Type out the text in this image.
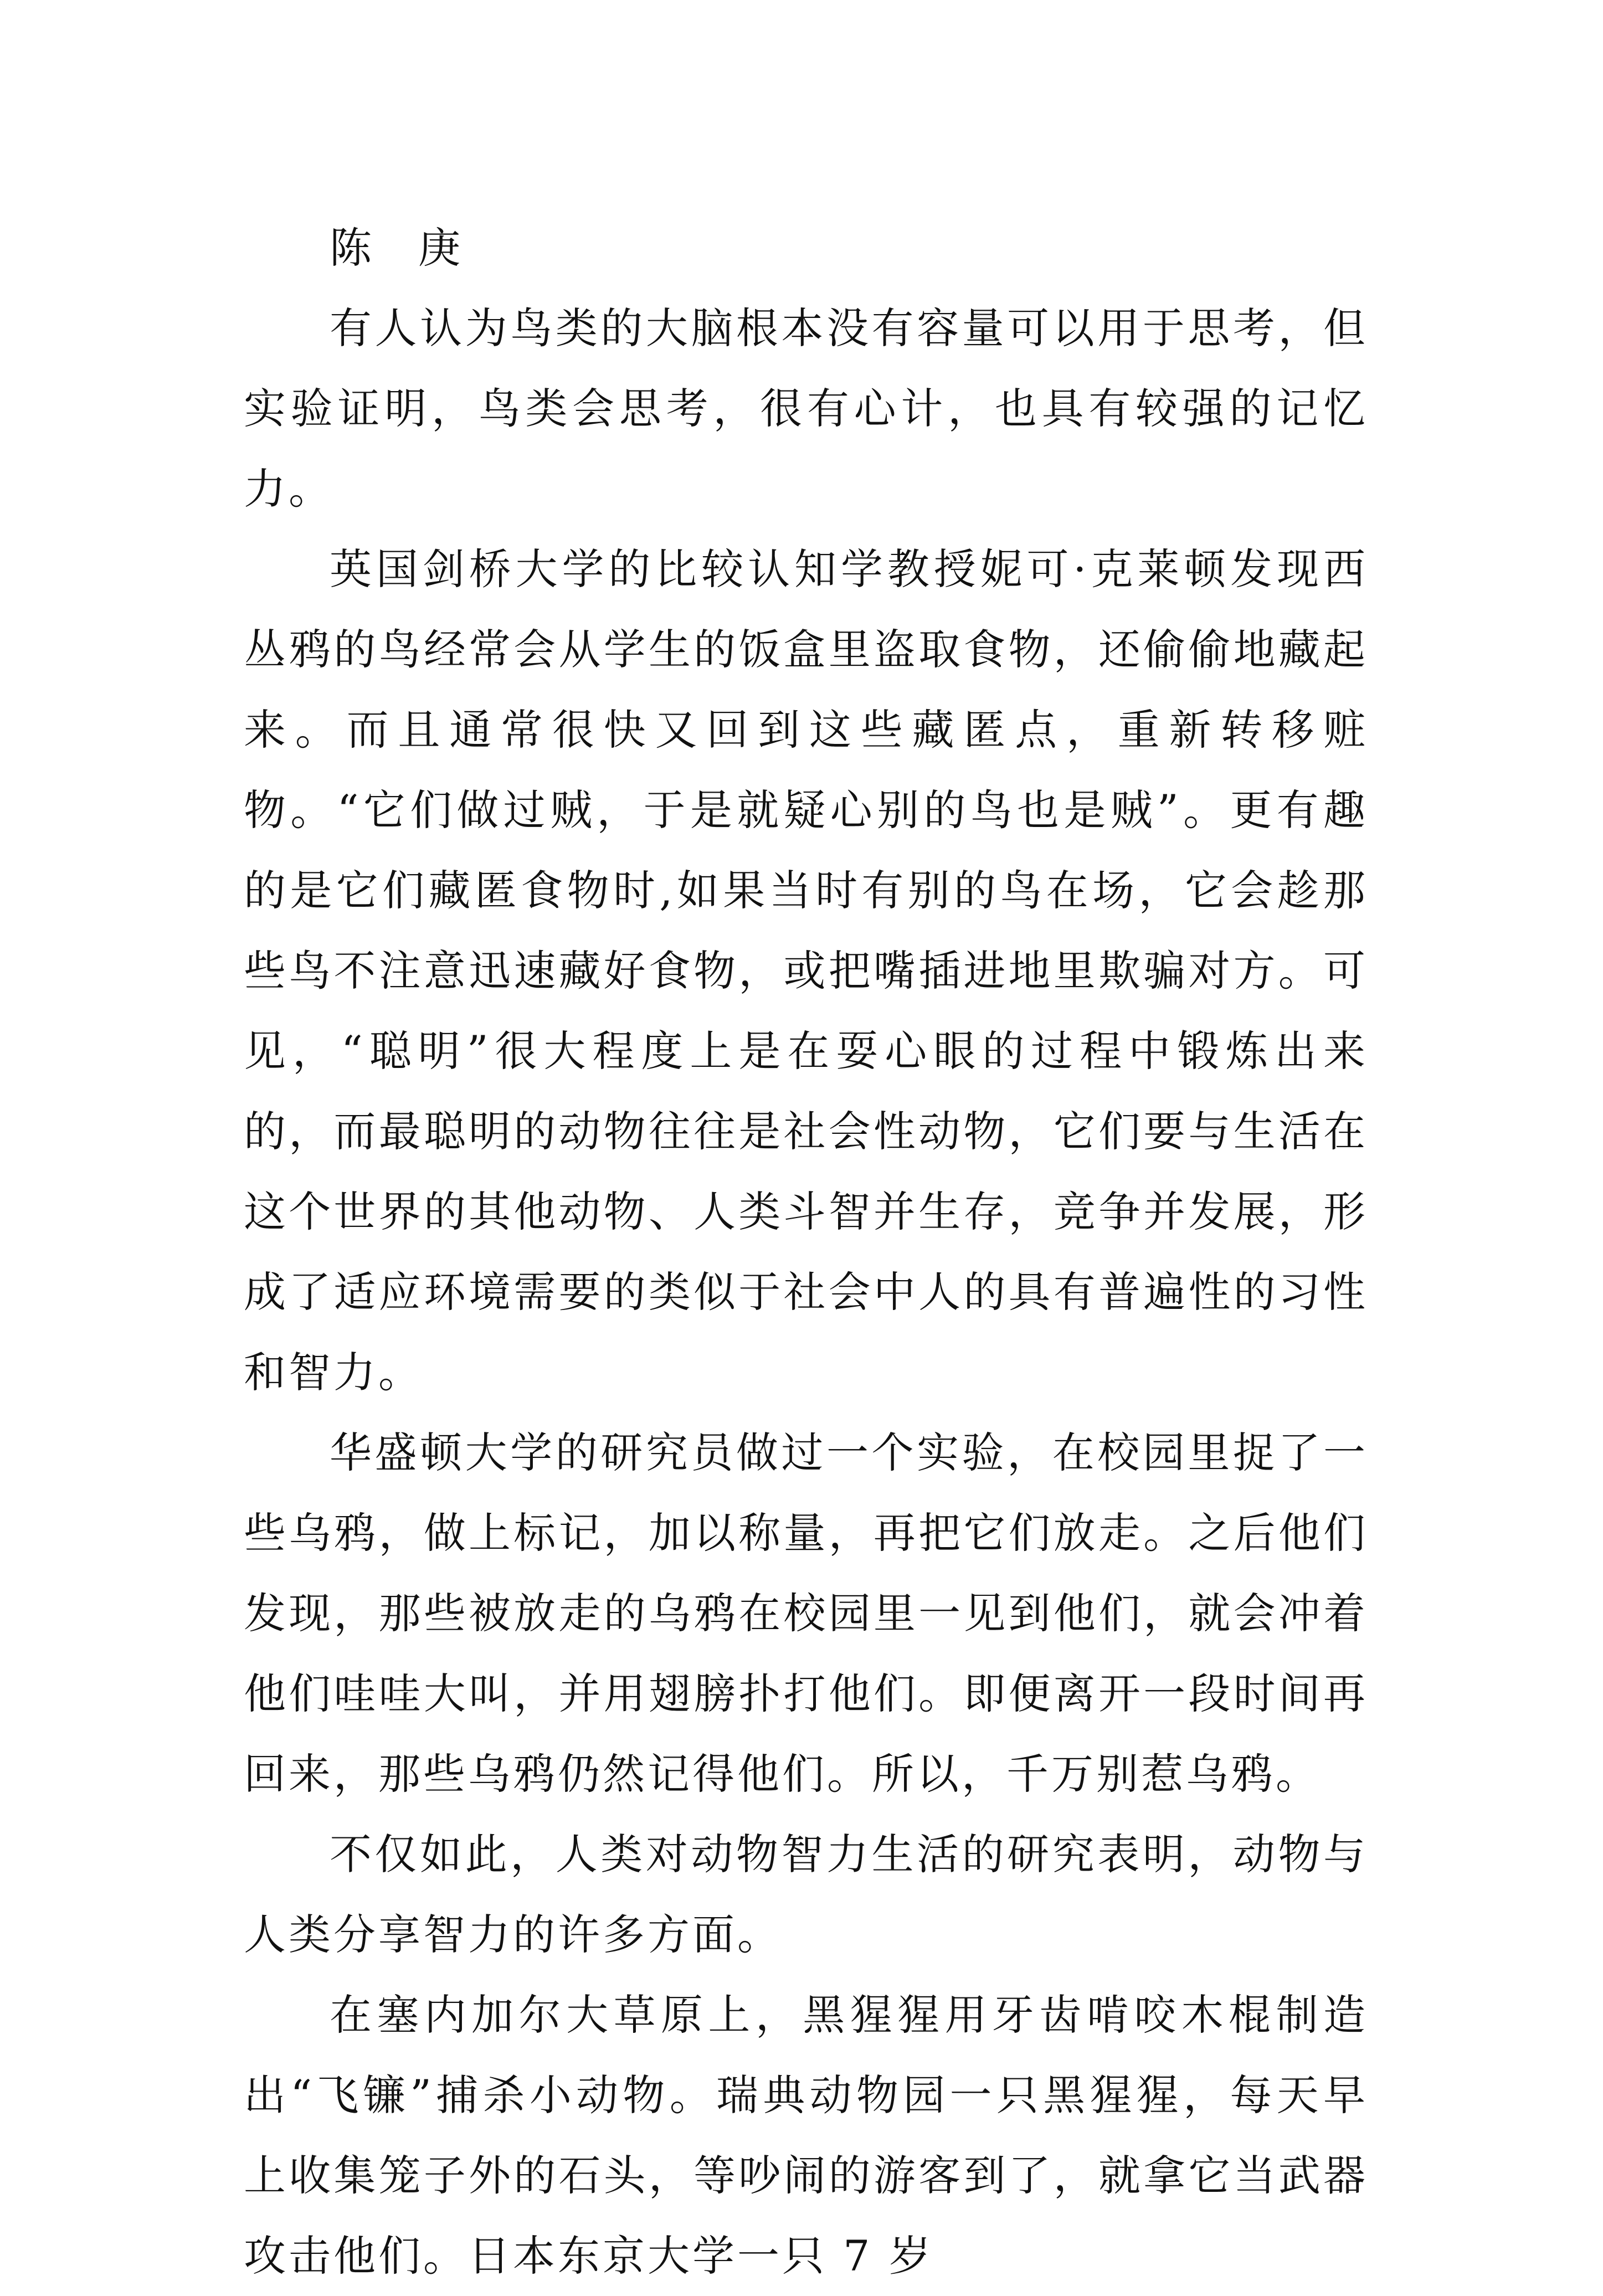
陈 庚

有人认为鸟类的大脑根本没有容量可以用于思考，但实验证明，鸟类会思考，很有心计，也具有较强的记忆力。

英国剑桥大学的比较认知学教授妮可·克莱顿发现西丛鸦的鸟经常会从学生的饭盒里盗取食物，还偷偷地藏起来。而且通常很快又回到这些藏匿点，重新转移赃物。“它们做过贼，于是就疑心别的鸟也是贼”。更有趣的是它们藏匿食物时,如果当时有别的鸟在场，它会趁那些鸟不注意迅速藏好食物，或把嘴插进地里欺骗对方。可见，“聪明”很大程度上是在耍心眼的过程中锻炼出来的，而最聪明的动物往往是社会性动物，它们要与生活在这个世界的其他动物、人类斗智并生存，竞争并发展，形成了适应环境需要的类似于社会中人的具有普遍性的习性和智力。

华盛顿大学的研究员做过一个实验，在校园里捉了一些乌鸦，做上标记，加以称量，再把它们放走。之后他们发现，那些被放走的乌鸦在校园里一见到他们，就会冲着他们哇哇大叫，并用翅膀扑打他们。即便离开一段时间再回来，那些乌鸦仍然记得他们。所以，千万别惹乌鸦。

不仅如此，人类对动物智力生活的研究表明，动物与人类分享智力的许多方面。

在塞内加尔大草原上，黑猩猩用牙齿啃咬木棍制造出“飞镰”捕杀小动物。瑞典动物园一只黑猩猩，每天早上收集笼子外的石头，等吵闹的游客到了，就拿它当武器攻击他们。日本东京大学一只 7 岁
